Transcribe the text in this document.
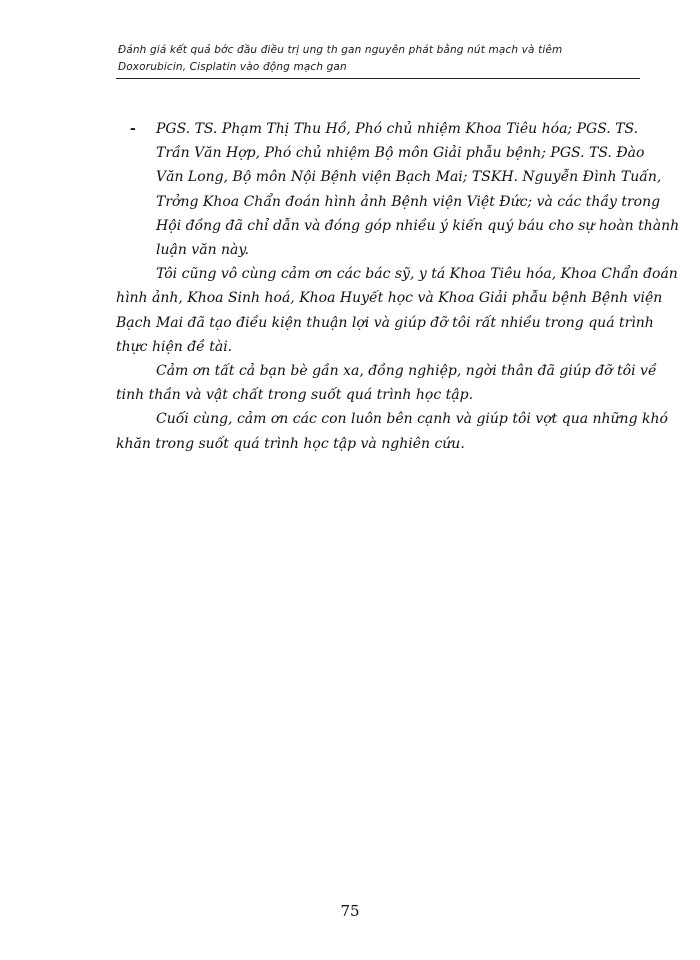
Đánh giá kết quả bớc đầu điều trị ung th gan nguyên phát bằng nút mạch và tiêm
Doxorubicin, Cisplatin vào động mạch gan
- PGS. TS. Phạm Thị Thu Hồ, Phó chủ nhiệm Khoa Tiêu hóa; PGS. TS.
Trần Văn Hợp, Phó chủ nhiệm Bộ môn Giải phẫu bệnh; PGS. TS. Đào
Văn Long, Bộ môn Nội Bệnh viện Bạch Mai; TSKH. Nguyễn Đình Tuấn,
Trởng Khoa Chẩn đoán hình ảnh Bệnh viện Việt Đức; và các thầy trong
Hội đồng đã chỉ dẫn và đóng góp nhiều ý kiến quý báu cho sự hoàn thành
luận văn này.
Tôi cũng vô cùng cảm ơn các bác sỹ, y tá Khoa Tiêu hóa, Khoa Chẩn đoán
hình ảnh, Khoa Sinh hoá, Khoa Huyết học và Khoa Giải phẫu bệnh Bệnh viện
Bạch Mai đã tạo điều kiện thuận lợi và giúp đỡ tôi rất nhiều trong quá trình
thực hiện đề tài.
Cảm ơn tất cả bạn bè gần xa, đồng nghiệp, ngời thân đã giúp đỡ tôi về
tinh thần và vật chất trong suốt quá trình học tập.
Cuối cùng, cảm ơn các con luôn bên cạnh và giúp tôi vợt qua những khó
khăn trong suốt quá trình học tập và nghiên cứu.
75
